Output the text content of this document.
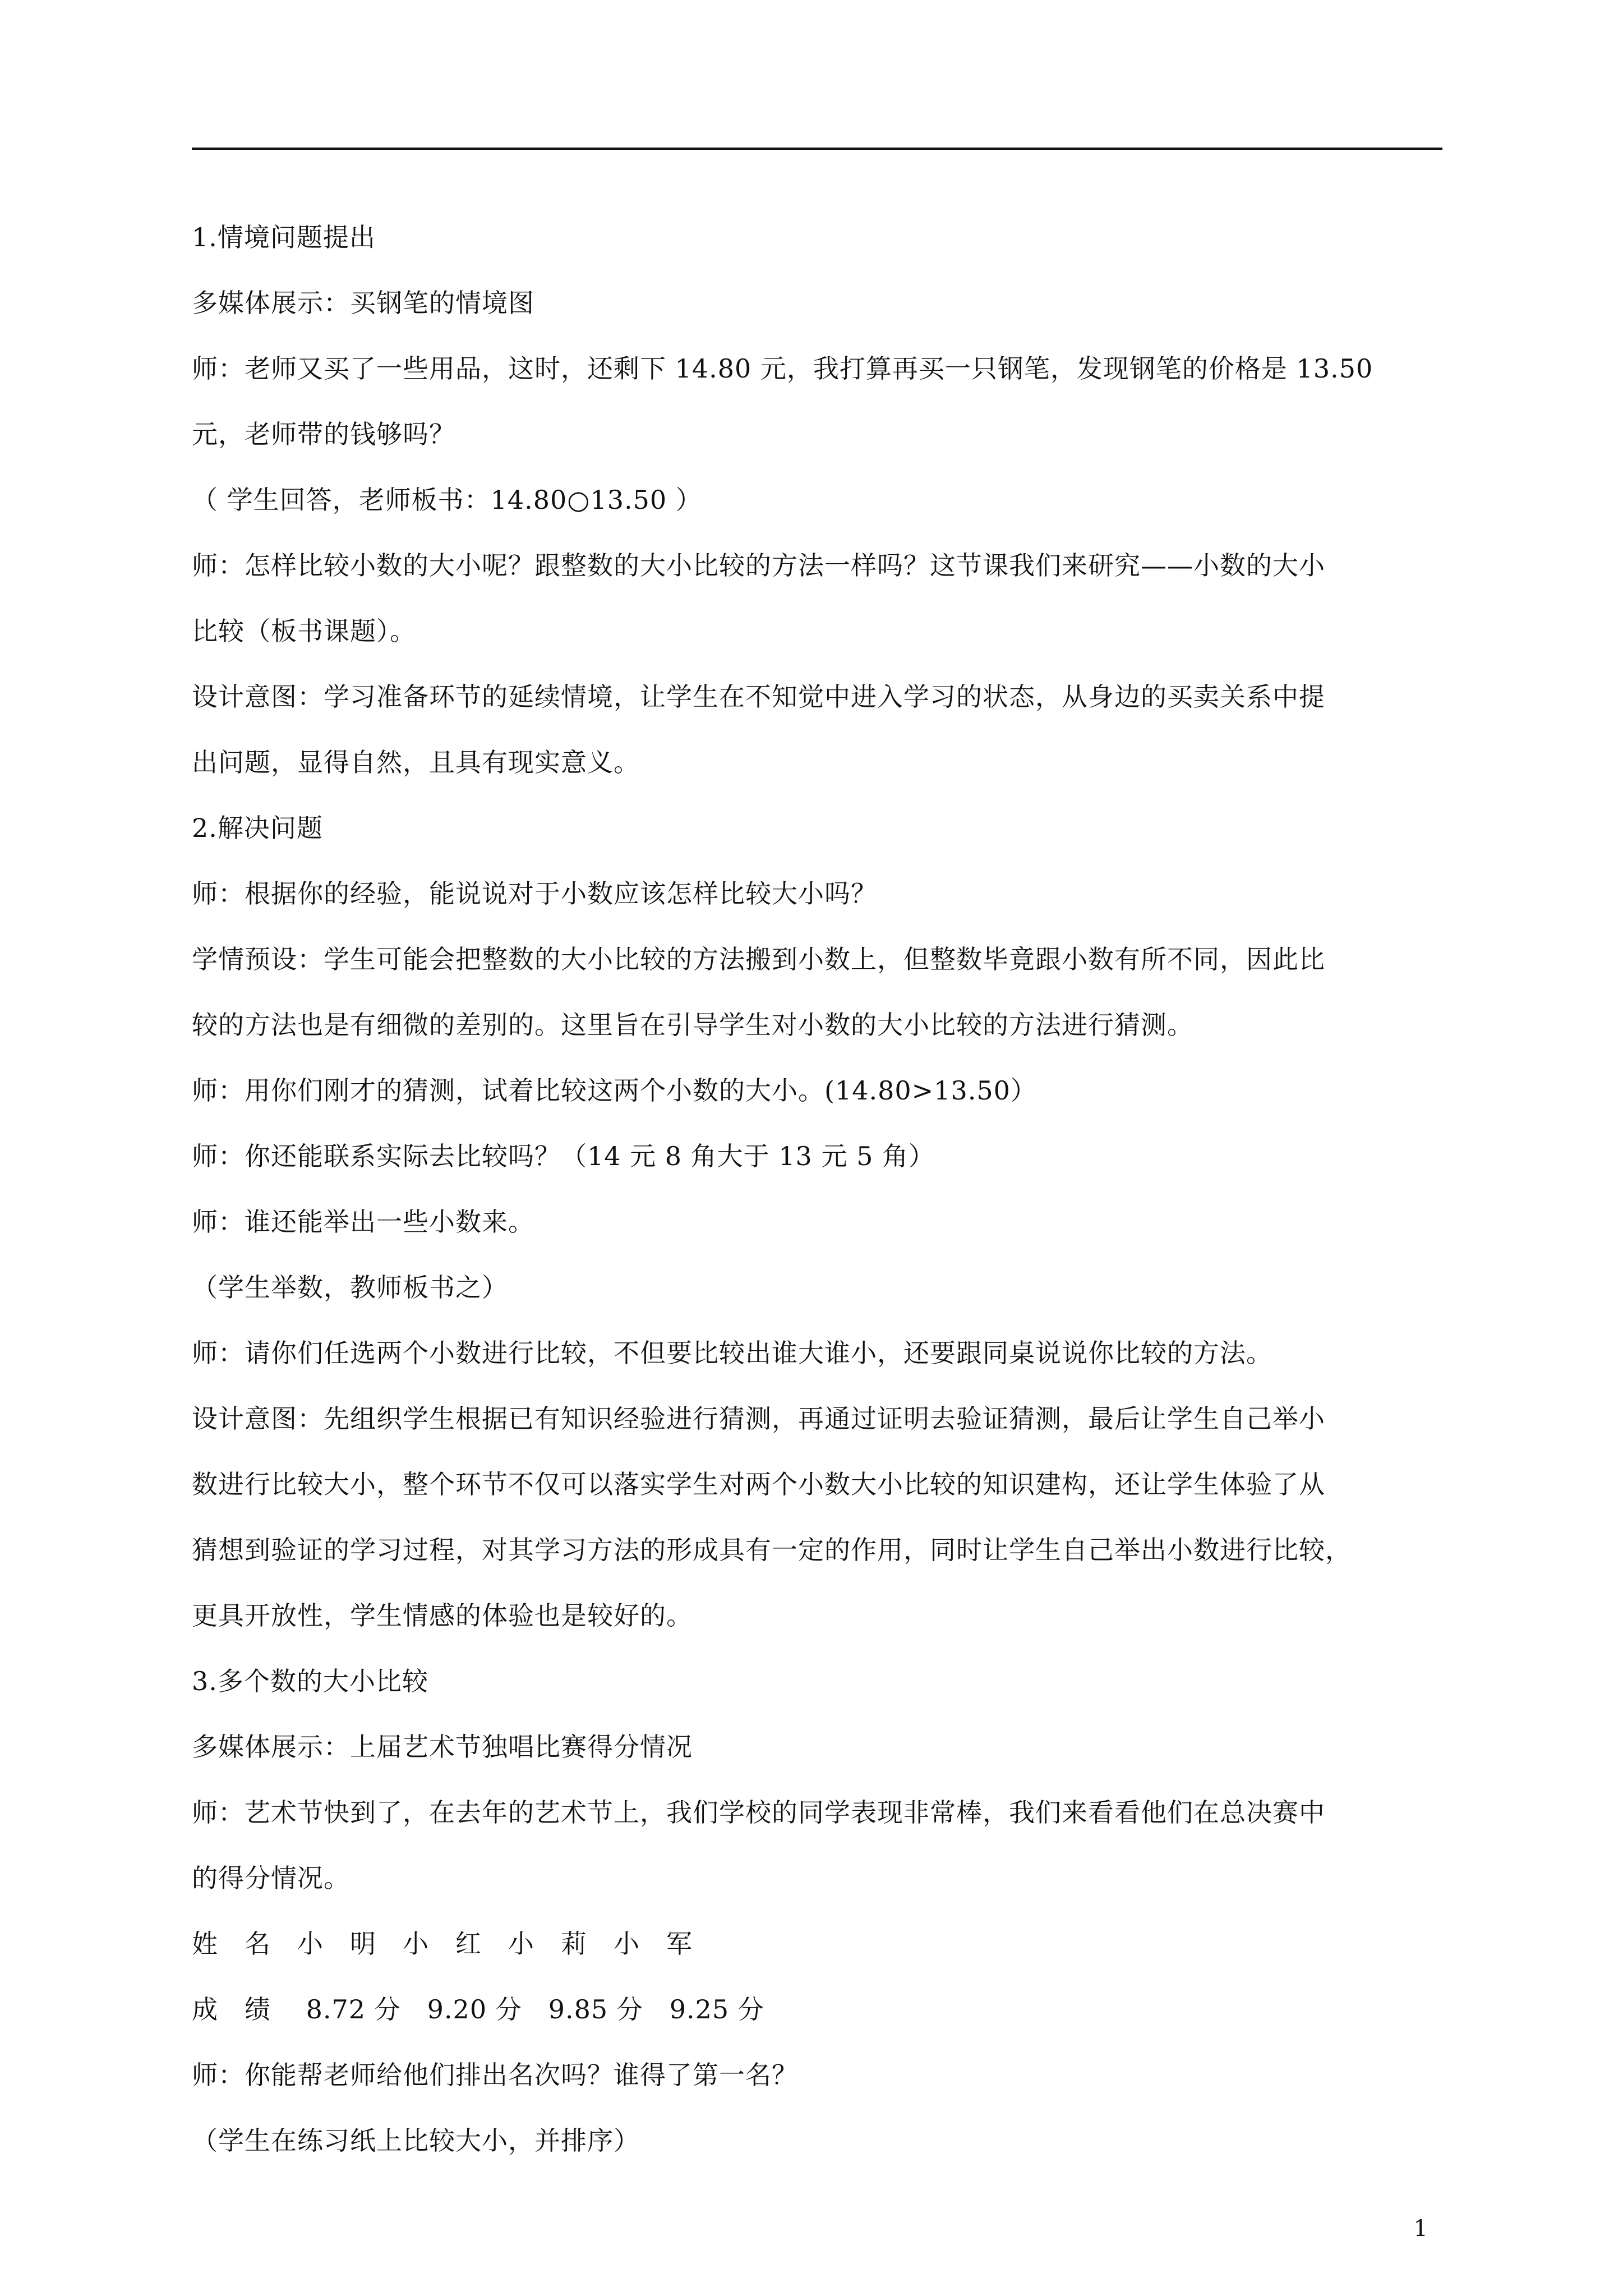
1.情境问题提出

多媒体展示：买钢笔的情境图

师：老师又买了一些用品，这时，还剩下 14.80 元，我打算再买一只钢笔，发现钢笔的价格是 13.50

元，老师带的钱够吗？

（ 学生回答，老师板书：14.80○13.50 ）

师：怎样比较小数的大小呢？跟整数的大小比较的方法一样吗？这节课我们来研究——小数的大小

比较（板书课题）。

设计意图：学习准备环节的延续情境，让学生在不知觉中进入学习的状态，从身边的买卖关系中提

出问题，显得自然，且具有现实意义。

2.解决问题

师：根据你的经验，能说说对于小数应该怎样比较大小吗？

学情预设：学生可能会把整数的大小比较的方法搬到小数上，但整数毕竟跟小数有所不同，因此比

较的方法也是有细微的差别的。这里旨在引导学生对小数的大小比较的方法进行猜测。

师：用你们刚才的猜测，试着比较这两个小数的大小。(14.80>13.50）

师：你还能联系实际去比较吗？（14 元 8 角大于 13 元 5 角）

师：谁还能举出一些小数来。

（学生举数，教师板书之）

师：请你们任选两个小数进行比较，不但要比较出谁大谁小，还要跟同桌说说你比较的方法。

设计意图：先组织学生根据已有知识经验进行猜测，再通过证明去验证猜测，最后让学生自己举小

数进行比较大小，整个环节不仅可以落实学生对两个小数大小比较的知识建构，还让学生体验了从

猜想到验证的学习过程，对其学习方法的形成具有一定的作用，同时让学生自己举出小数进行比较，

更具开放性，学生情感的体验也是较好的。

3.多个数的大小比较

多媒体展示：上届艺术节独唱比赛得分情况

师：艺术节快到了，在去年的艺术节上，我们学校的同学表现非常棒，我们来看看他们在总决赛中

的得分情况。

姓　名　小　明　小　红　小　莉　小　军

成　绩　 8.72 分　9.20 分　9.85 分　9.25 分

师：你能帮老师给他们排出名次吗？谁得了第一名？

（学生在练习纸上比较大小，并排序）

1
